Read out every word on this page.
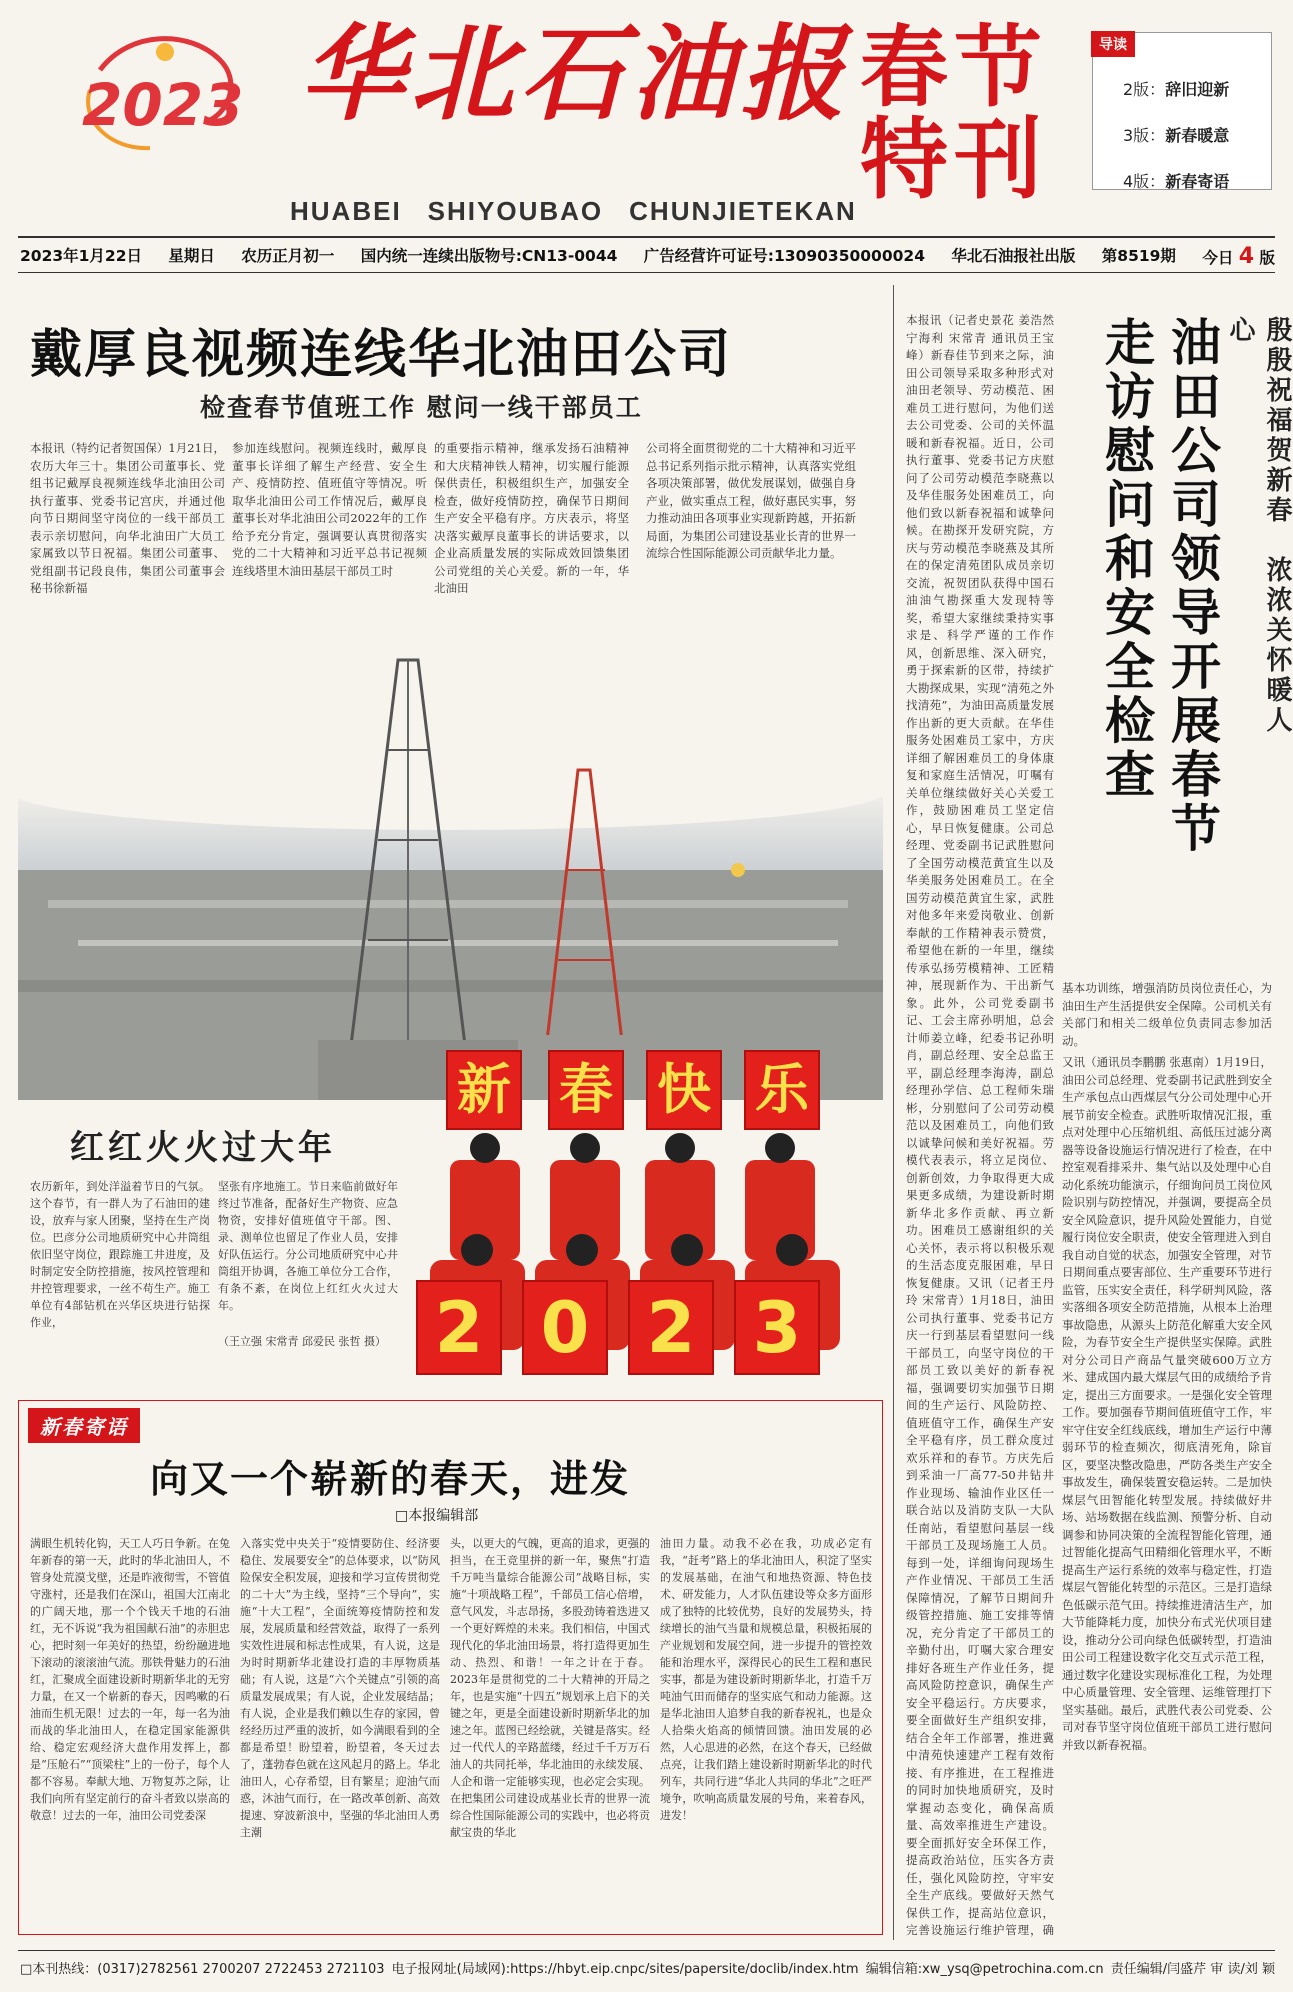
2023 华北石油报
HUABEI SHIYOUBAO CHUNJIETEKAN
春节
特刊
导读
2版：辞旧迎新
3版：新春暖意
4版：新春寄语
2023年1月22日 星期日 农历正月初一 国内统一连续出版物号:CN13-0044 广告经营许可证号:13090350000024 华北石油报社出版 第8519期 今日 4 版
戴厚良视频连线华北油田公司
检查春节值班工作 慰问一线干部员工
本报讯（特约记者贺国保）1月21日，农历大年三十。集团公司董事长、党组书记戴厚良视频连线华北油田公司执行董事、党委书记宫庆，并通过他向节日期间坚守岗位的一线干部员工表示亲切慰问，向华北油田广大员工家属致以节日祝福。集团公司董事、党组副书记段良伟，集团公司董事会秘书徐新福
参加连线慰问。视频连线时，戴厚良董事长详细了解生产经营、安全生产、疫情防控、值班值守等情况。听取华北油田公司工作情况后，戴厚良董事长对华北油田公司2022年的工作给予充分肯定，强调要认真贯彻落实党的二十大精神和习近平总书记视频连线塔里木油田基层干部员工时
的重要指示精神，继承发扬石油精神和大庆精神铁人精神，切实履行能源保供责任，积极组织生产，加强安全检查，做好疫情防控，确保节日期间生产安全平稳有序。方庆表示，将坚决落实戴厚良董事长的讲话要求，以企业高质量发展的实际成效回馈集团公司党组的关心关爱。新的一年，华北油田
公司将全面贯彻党的二十大精神和习近平总书记系列指示批示精神，认真落实党组各项决策部署，做优发展谋划，做强自身产业，做实重点工程，做好惠民实事，努力推动油田各项事业实现新跨越，开拓新局面，为集团公司建设基业长青的世界一流综合性国际能源公司贡献华北力量。
红红火火过大年
新 春 快 乐
2 0 2 3
农历新年，到处洋溢着节日的气氛。这个春节，有一群人为了石油田的建设，放弃与家人团聚，坚持在生产岗位。巴彦分公司地质研究中心井筒组依旧坚守岗位，跟踪施工井进度，及时制定安全防控措施，按风控管理和井控管理要求，一丝不苟生产。施工单位有4部钻机在兴华区块进行钻探作业，
坚张有序地施工。节日来临前做好年终过节准备，配备好生产物资、应急物资，安排好值班值守干部。图、录、测单位也留足了作业人员，安排好队伍运行。分公司地质研究中心井筒组开协调，各施工单位分工合作，有条不紊，在岗位上红红火火过大年。
（王立强 宋常青 邱爱民 张哲 摄）
殷殷祝福贺新春　浓浓关怀暖人心
油田公司领导开展春节
走访慰问和安全检查
本报讯（记者史景花 姜浩然 宁海利 宋常青 通讯员王宝峰）新春佳节到来之际，油田公司领导采取多种形式对油田老领导、劳动模范、困难员工进行慰问，为他们送去公司党委、公司的关怀温暖和新春祝福。近日，公司执行董事、党委书记方庆慰问了公司劳动模范李晓燕以及华佳服务处困难员工，向他们致以新春祝福和诚挚问候。在勘探开发研究院，方庆与劳动模范李晓燕及其所在的保定清苑团队成员亲切交流，祝贺团队获得中国石油油气勘探重大发现特等奖，希望大家继续秉持实事求是、科学严谨的工作作风，创新思维、深入研究，勇于探索新的区带，持续扩大勘探成果，实现“清苑之外找清苑”，为油田高质量发展作出新的更大贡献。在华佳服务处困难员工家中，方庆详细了解困难员工的身体康复和家庭生活情况，叮嘱有关单位继续做好关心关爱工作，鼓励困难员工坚定信心，早日恢复健康。公司总经理、党委副书记武胜慰问了全国劳动模范黄宜生以及华美服务处困难员工。在全国劳动模范黄宜生家，武胜对他多年来爱岗敬业、创新奉献的工作精神表示赞赏，希望他在新的一年里，继续传承弘扬劳模精神、工匠精神，展现新作为、干出新气象。此外，公司党委副书记、工会主席孙明旭，总会计师姜立峰，纪委书记孙明肖，副总经理、安全总监王平，副总经理李海涛，副总经理孙学信、总工程师朱瑞彬，分别慰问了公司劳动模范以及困难员工，向他们致以诚挚问候和美好祝福。劳模代表表示，将立足岗位、创新创效，力争取得更大成果更多成绩，为建设新时期新华北多作贡献、再立新功。困难员工感谢组织的关心关怀，表示将以积极乐观的生活态度克服困难，早日恢复健康。又讯（记者王丹玲 宋常青）1月18日，油田公司执行董事、党委书记方庆一行到基层看望慰问一线干部员工，向坚守岗位的干部员工致以美好的新春祝福，强调要切实加强节日期间的生产运行、风险防控、值班值守工作，确保生产安全平稳有序，员工群众度过欢乐祥和的春节。方庆先后到采油一厂高77-50井钻井作业现场、输油作业区任一联合站以及消防支队一大队任南站，看望慰问基层一线干部员工及现场施工人员。每到一处，详细询问现场生产作业情况、干部员工生活保障情况，了解节日期间升级管控措施、施工安排等情况，充分肯定了干部员工的辛勤付出，叮嘱大家合理安排好各班生产作业任务，提高风险防控意识，确保生产安全平稳运行。方庆要求，要全面做好生产组织安排，结合全年工作部署，推进冀中清苑快速建产工程有效衔接、有序推进，在工程推进的同时加快地质研究，及时掌握动态变化，确保高质量、高效率推进生产建设。要全面抓好安全环保工作，提高政治站位，压实各方责任，强化风险防控，守牢安全生产底线。要做好天然气保供工作，提高站位意识，完善设施运行维护管理，确
基本功训练，增强消防员岗位责任心，为油田生产生活提供安全保障。公司机关有关部门和相关二级单位负责同志参加活动。
又讯（通讯员李鹏鹏 张惠南）1月19日，油田公司总经理、党委副书记武胜到安全生产承包点山西煤层气分公司处理中心开展节前安全检查。武胜听取情况汇报，重点对处理中心压缩机组、高低压过滤分离器等设备设施运行情况进行了检查，在中控室观看排采井、集气站以及处理中心自动化系统功能演示，仔细询问员工岗位风险识别与防控情况，并强调，要提高全员安全风险意识，提升风险处置能力，自觉履行岗位安全职责，使安全管理进入到自我自动自觉的状态，加强安全管理，对节日期间重点要害部位、生产重要环节进行监管，压实安全责任，科学研判风险，落实落细各项安全防范措施，从根本上治理事故隐患，从源头上防范化解重大安全风险，为春节安全生产提供坚实保障。武胜对分公司日产商品气量突破600万立方米、建成国内最大煤层气田的成绩给予肯定，提出三方面要求。一是强化安全管理工作。要加强春节期间值班值守工作，牢牢守住安全红线底线，增加生产运行中薄弱环节的检查频次，彻底清死角，除盲区，要坚决整改隐患，严防各类生产安全事故发生，确保装置安稳运转。二是加快煤层气田智能化转型发展。持续做好井场、站场数据在线监测、预警分析、自动调参和协同决策的全流程智能化管理，通过智能化提高气田精细化管理水平，不断提高生产运行系统的效率与稳定性，打造煤层气智能化转型的示范区。三是打造绿色低碳示范气田。持续推进清洁生产，加大节能降耗力度，加快分布式光伏项目建设，推动分公司向绿色低碳转型，打造油田公司工程建设数字化交互式示范工程，通过数字化建设实现标准化工程，为处理中心质量管理、安全管理、运维管理打下坚实基础。最后，武胜代表公司党委、公司对春节坚守岗位值班干部员工进行慰问并致以新春祝福。
新春寄语
向又一个崭新的春天，进发
□本报编辑部
满眼生机转化钩，天工人巧日争新。在兔年新春的第一天，此时的华北油田人，不管身处荒漠戈壁，还是昨液彻雪，不管值守涨村，还是我们在深山，祖国大江南北的广阔天地，那一个个钱天千地的石油红，无不诉说“我为祖国献石油”的赤胆忠心，把时刻一年美好的热望，纷纷融进地下滚动的滚滚油气流。那铁骨魅力的石油红，汇聚成全面建设新时期新华北的无穷力量，在又一个崭新的春天，因鸣嗽的石油而生机无限！过去的一年，每一名为油而战的华北油田人，在稳定国家能源供给、稳定宏观经济大盘作用发挥上，都是“压舱石”“顶梁柱”上的一份子，每个人都不容易。奉献大地、万物复苏之际，让我们向所有坚定前行的奋斗者致以崇高的敬意！过去的一年，油田公司党委深
入落实党中央关于“疫情要防住、经济要稳住、发展要安全”的总体要求，以“防风险保安全积发展，迎接和学习宣传贯彻党的二十大”为主线，坚持“三个导向”，实施“十大工程”，全面统筹疫情防控和发展，发展质量和经营效益，取得了一系列实效性进展和标志性成果，有人说，这是为时时期新华北建设打造的丰厚物质基础；有人说，这是“六个关键点”引领的高质量发展成果；有人说，企业发展结晶；有人说，企业是我们赖以生存的家园，曾经经历过严重的波折，如今满眼看到的全都是希望！盼望着，盼望着，冬天过去了，蓬勃春色就在这风起月的路上。华北油田人，心存希望，目有繁星；迎油气而惑，沐油气而行，在一路改革创新、高效提速、穿波新浪中，坚强的华北油田人勇主潮
头，以更大的气魄，更高的追求，更强的担当，在王竞里拼的新一年，聚焦“打造千万吨当量综合能源公司”战略目标，实施“十项战略工程”，千部员工信心倍增，意气风发，斗志昂扬，多股劲铸着迭进又一个更好辉煌的未来。我们相信，中国式现代化的华北油田场景，将打造得更加生动、热烈、和谐！一年之计在于春。2023年是贯彻党的二十大精神的开局之年，也是实施“十四五”规划承上启下的关键之年，更是全面建设新时期新华北的加速之年。蓝图已经绘就，关键是落实。经过一代代人的辛路蓝缕，经过千千万万石油人的共同托举，华北油田的永续发展、人企和谐一定能够实现，也必定会实现。在把集团公司建设成基业长青的世界一流综合性国际能源公司的实践中，也必将贡献宝贵的华北
油田力量。动我不必在我，功成必定有我，“赶考”路上的华北油田人，积淀了坚实的发展基础，在油气和地热资源、特色技术、研发能力，人才队伍建设等众多方面形成了独特的比较优势，良好的发展势头，持续增长的油气当量和规模总量，积极拓展的产业规划和发展空间，进一步提升的管控效能和治理水平，深得民心的民生工程和惠民实事，都是为建设新时期新华北，打造千万吨油气田而储存的坚实底气和动力能源。这是华北油田人追梦自我的新春祝礼，也是众人拾柴火焰高的倾情回馈。油田发展的必然，人心思进的必然，在这个春天，已经做点亮，让我们踏上建设新时期新华北的时代列车，共同行进“华北人共同的华北”之旺严境争，吹响高质量发展的号角，来着春风，进发！
□本刊热线：(0317)2782561 2700207 2722453 2721103 电子报网址(局域网):https://hbyt.eip.cnpc/sites/papersite/doclib/index.htm 编辑信箱:xw_ysq@petrochina.com.cn 责任编辑/闫盛芹 审 读/刘 颖
